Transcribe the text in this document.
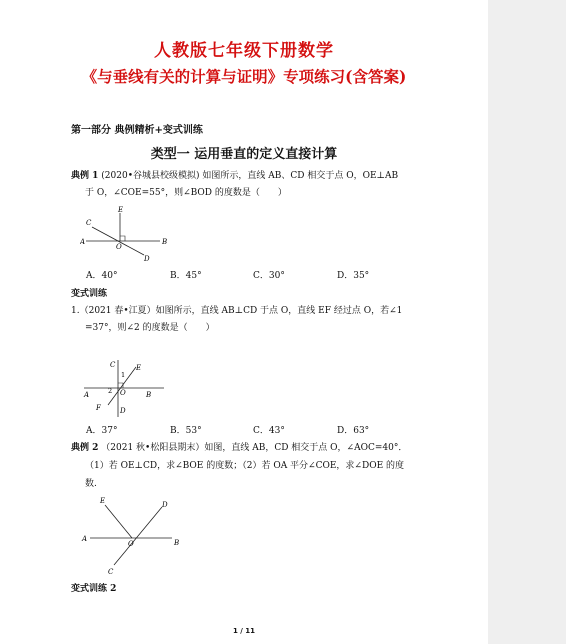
人教版七年级下册数学
《与垂线有关的计算与证明》专项练习(含答案)
第一部分 典例精析+变式训练
类型一 运用垂直的定义直接计算
典例 1 (2020•谷城县校级模拟) 如图所示，直线 AB、CD 相交于点 O，OE⊥AB
于 O，∠COE=55°，则∠BOD 的度数是（　　）
E
C
A
O
B
D
A．40°	B．45°	C．30°	D．35°
变式训练
1.（2021 春•江夏）如图所示，直线 AB⊥CD 于点 O，直线 EF 经过点 O，若∠1
=37°，则∠2 的度数是（　　）
C	E
1
2 O
A	B
F	D
A．37°	B．53°	C．43°	D．63°
典例 2 （2021 秋•松阳县期末）如图，直线 AB，CD 相交于点 O，∠AOC=40°．
（1）若 OE⊥CD，求∠BOE 的度数；（2）若 OA 平分∠COE，求∠DOE 的度
数.
E	D
A
O	B
C
变式训练 2
1 / 11
